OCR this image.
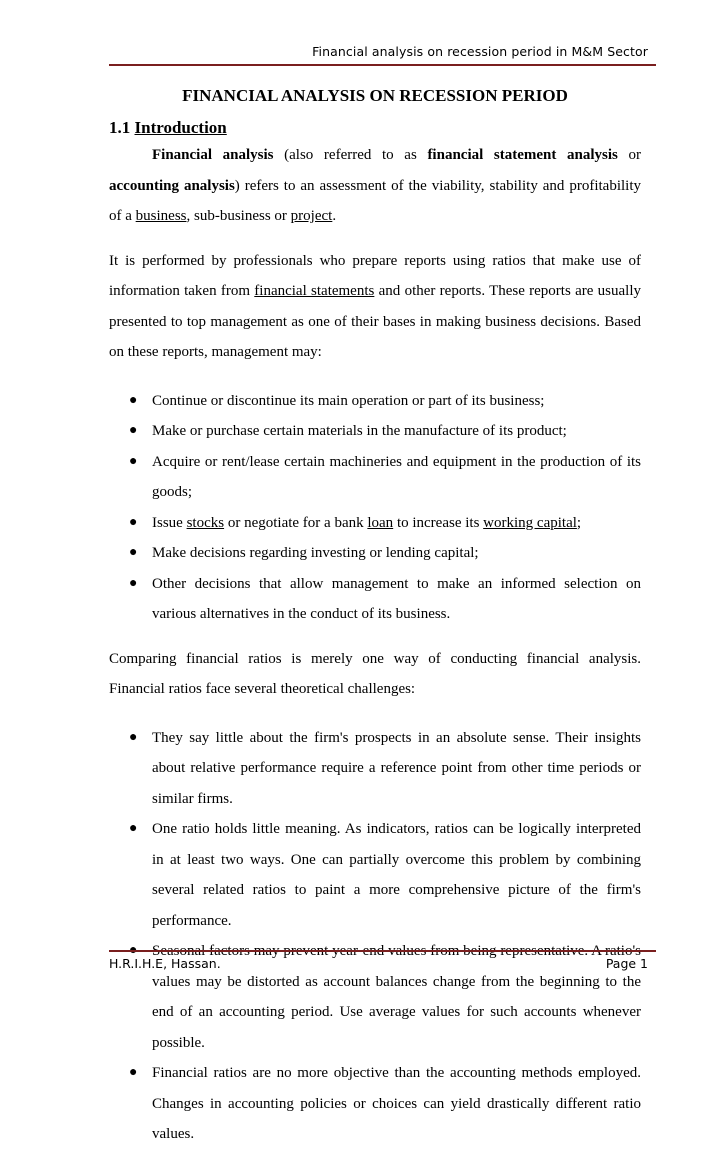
Financial analysis on recession period in M&M Sector
FINANCIAL ANALYSIS ON RECESSION PERIOD
1.1 Introduction

Financial analysis (also referred to as financial statement analysis or accounting analysis) refers to an assessment of the viability, stability and profitability of a business, sub-business or project.

It is performed by professionals who prepare reports using ratios that make use of information taken from financial statements and other reports. These reports are usually presented to top management as one of their bases in making business decisions. Based on these reports, management may:

● Continue or discontinue its main operation or part of its business;
● Make or purchase certain materials in the manufacture of its product;
● Acquire or rent/lease certain machineries and equipment in the production of its goods;
● Issue stocks or negotiate for a bank loan to increase its working capital;
● Make decisions regarding investing or lending capital;
● Other decisions that allow management to make an informed selection on various alternatives in the conduct of its business.

Comparing financial ratios is merely one way of conducting financial analysis. Financial ratios face several theoretical challenges:

● They say little about the firm's prospects in an absolute sense. Their insights about relative performance require a reference point from other time periods or similar firms.
● One ratio holds little meaning. As indicators, ratios can be logically interpreted in at least two ways. One can partially overcome this problem by combining several related ratios to paint a more comprehensive picture of the firm's performance.
● Seasonal factors may prevent year-end values from being representative. A ratio's values may be distorted as account balances change from the beginning to the end of an accounting period. Use average values for such accounts whenever possible.
● Financial ratios are no more objective than the accounting methods employed. Changes in accounting policies or choices can yield drastically different ratio values.
H.R.I.H.E, Hassan.	Page 1
